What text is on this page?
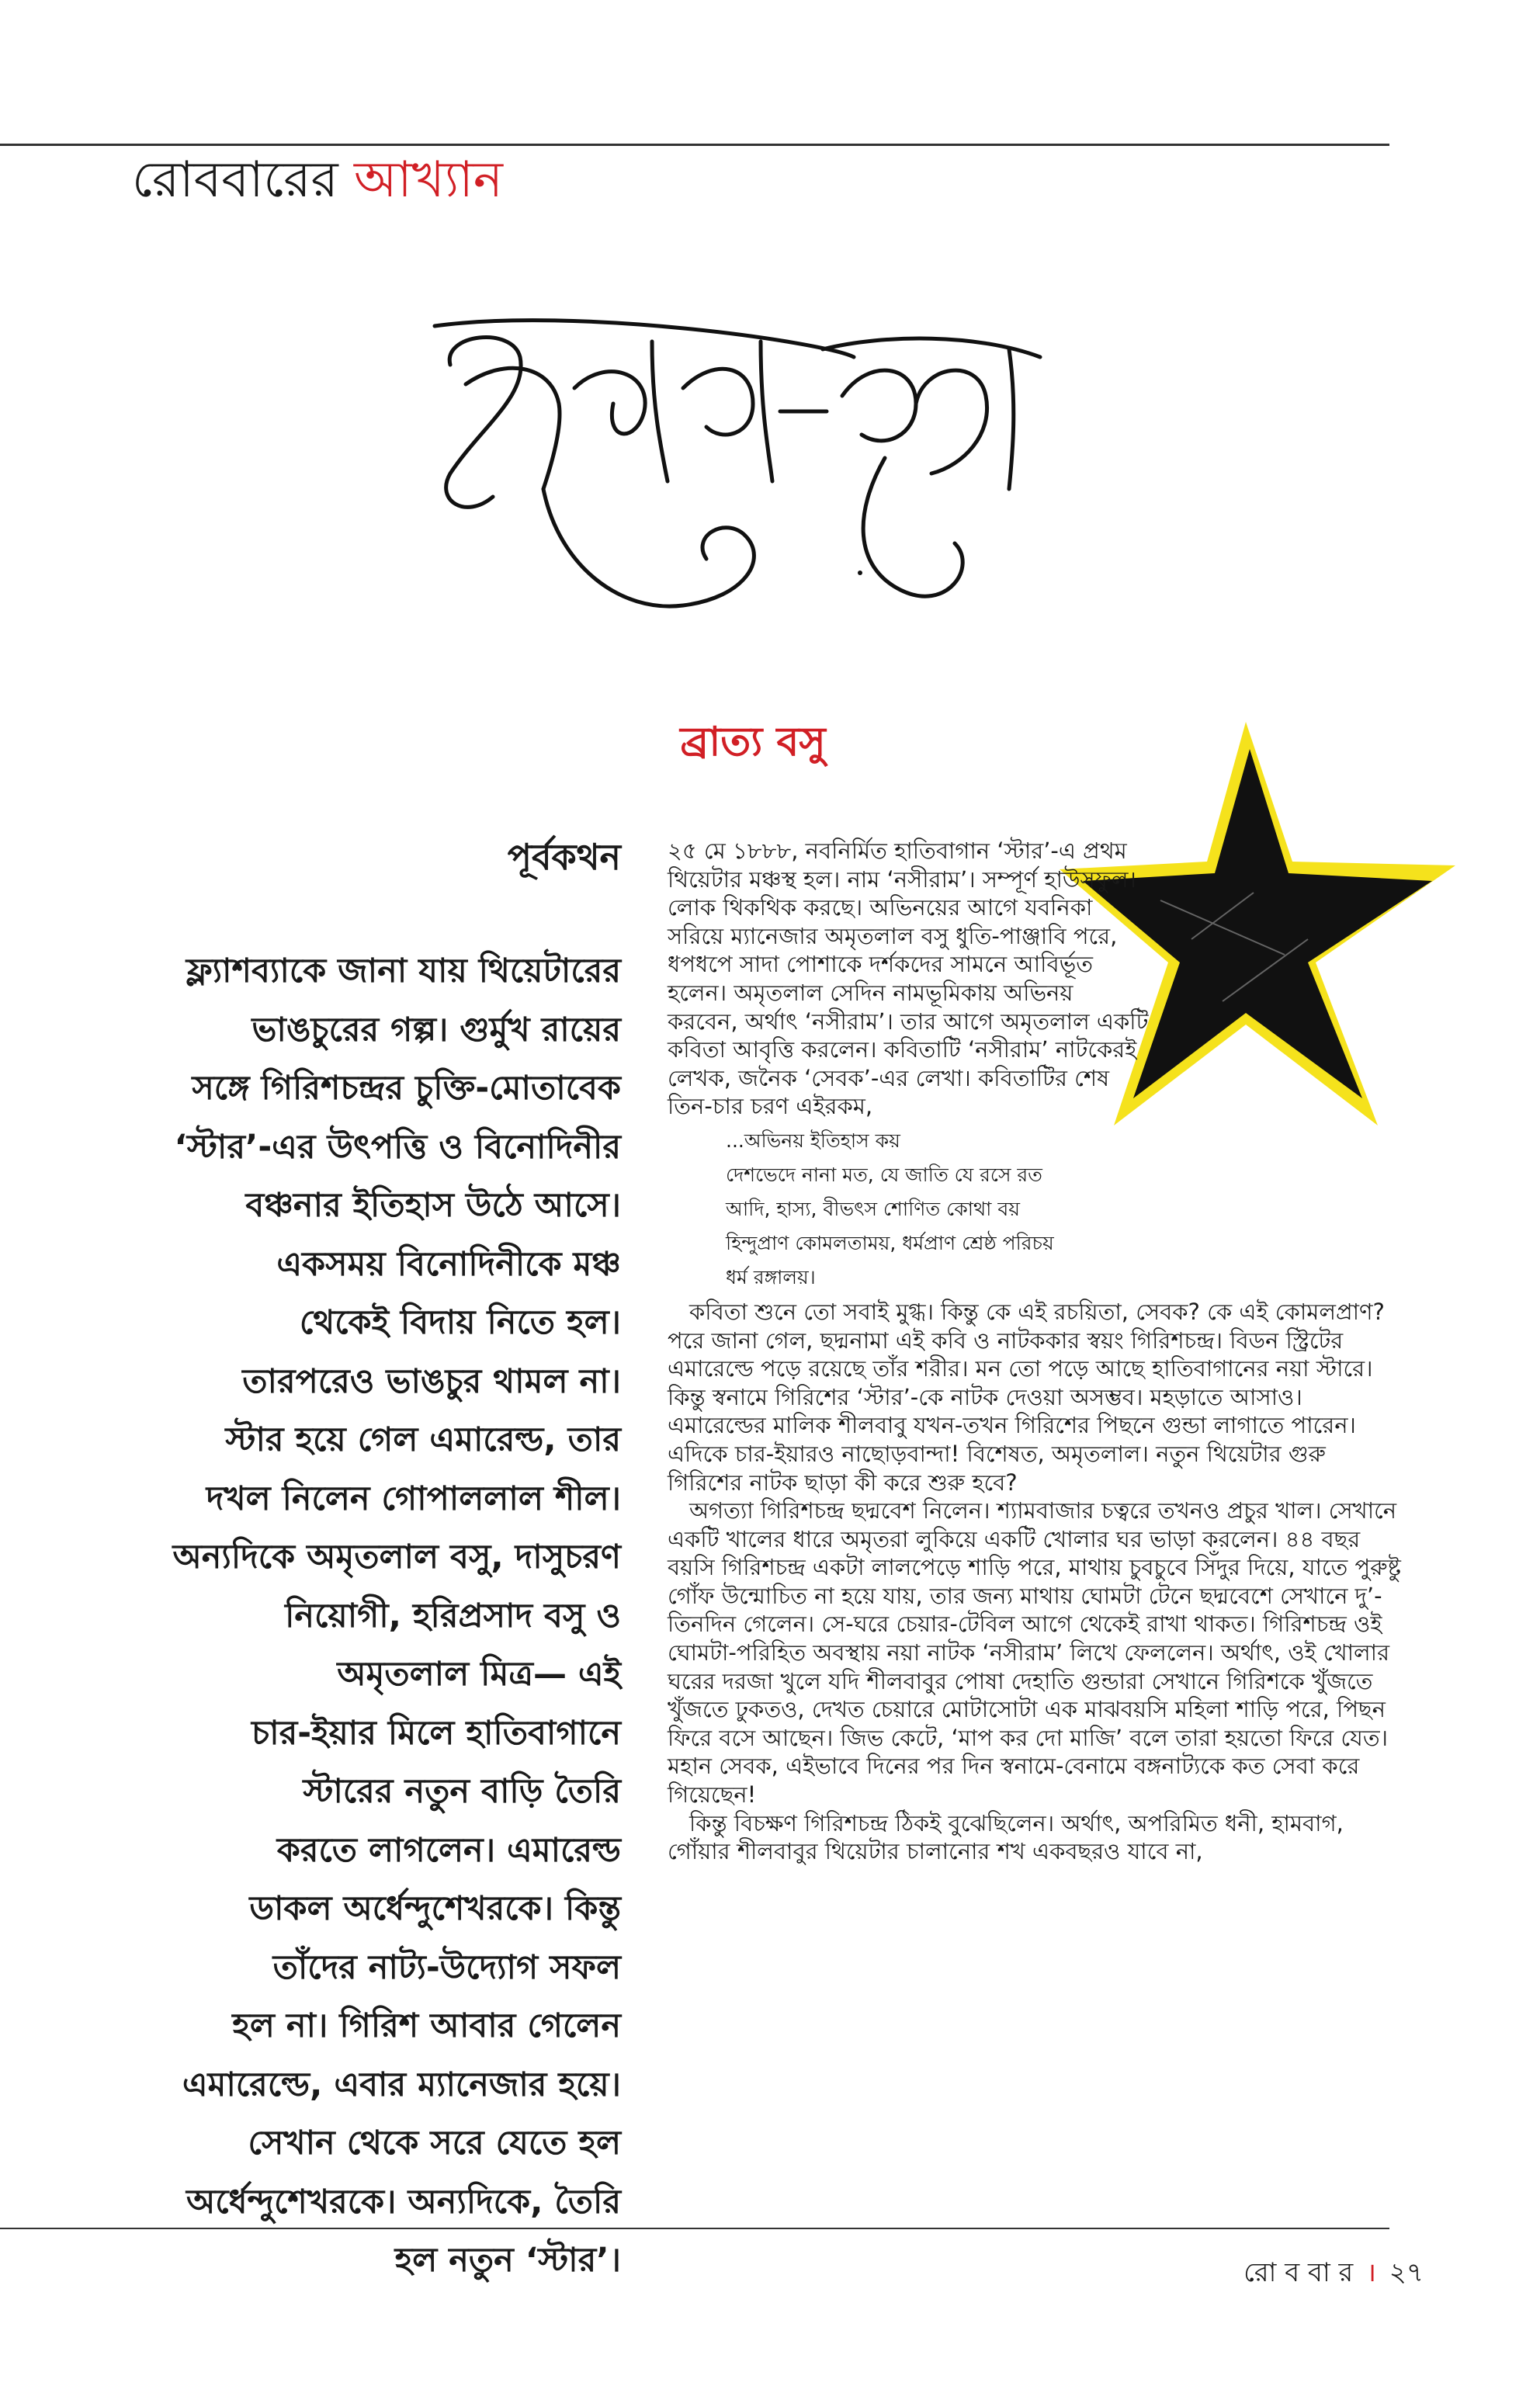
রোববারের আখ্যান
ব্রাত্য বসু
পূর্বকথন
ফ্ল্যাশব্যাকে জানা যায় থিয়েটারের
ভাঙচুরের গল্প। গুর্মুখ রায়ের
সঙ্গে গিরিশচন্দ্রর চুক্তি-মোতাবেক
‘স্টার’-এর উৎপত্তি ও বিনোদিনীর
বঞ্চনার ইতিহাস উঠে আসে।
একসময় বিনোদিনীকে মঞ্চ
থেকেই বিদায় নিতে হল।
তারপরেও ভাঙচুর থামল না।
স্টার হয়ে গেল এমারেল্ড, তার
দখল নিলেন গোপাললাল শীল।
অন্যদিকে অমৃতলাল বসু, দাসুচরণ
নিয়োগী, হরিপ্রসাদ বসু ও
অমৃতলাল মিত্র— এই
চার-ইয়ার মিলে হাতিবাগানে
স্টারের নতুন বাড়ি তৈরি
করতে লাগলেন। এমারেল্ড
ডাকল অর্ধেন্দুশেখরকে। কিন্তু
তাঁদের নাট্য-উদ্যোগ সফল
হল না। গিরিশ আবার গেলেন
এমারেল্ডে, এবার ম্যানেজার হয়ে।
সেখান থেকে সরে যেতে হল
অর্ধেন্দুশেখরকে। অন্যদিকে, তৈরি
হল নতুন ‘স্টার’।

২৫ মে ১৮৮৮, নবনির্মিত হাতিবাগান ‘স্টার’-এ প্রথম থিয়েটার মঞ্চস্থ হল। নাম ‘নসীরাম’। সম্পূর্ণ হাউসফুল। লোক থিকথিক করছে। অভিনয়ের আগে যবনিকা সরিয়ে ম্যানেজার অমৃতলাল বসু ধুতি-পাঞ্জাবি পরে, ধপধপে সাদা পোশাকে দর্শকদের সামনে আবির্ভূত হলেন। অমৃতলাল সেদিন নামভূমিকায় অভিনয় করবেন, অর্থাৎ ‘নসীরাম’। তার আগে অমৃতলাল একটি কবিতা আবৃত্তি করলেন। কবিতাটি ‘নসীরাম’ নাটকেরই লেখক, জনৈক ‘সেবক’-এর লেখা। কবিতাটির শেষ তিন-চার চরণ এইরকম,

...অভিনয় ইতিহাস কয়
দেশভেদে নানা মত, যে জাতি যে রসে রত
আদি, হাস্য, বীভৎস শোণিত কোথা বয়
হিন্দুপ্রাণ কোমলতাময়, ধর্মপ্রাণ শ্রেষ্ঠ পরিচয়
ধর্ম রঙ্গালয়।

কবিতা শুনে তো সবাই মুগ্ধ। কিন্তু কে এই রচয়িতা, সেবক? কে এই কোমলপ্রাণ? পরে জানা গেল, ছদ্মনামা এই কবি ও নাটককার স্বয়ং গিরিশচন্দ্র। বিডন স্ট্রিটের এমারেল্ডে পড়ে রয়েছে তাঁর শরীর। মন তো পড়ে আছে হাতিবাগানের নয়া স্টারে। কিন্তু স্বনামে গিরিশের ‘স্টার’-কে নাটক দেওয়া অসম্ভব। মহড়াতে আসাও। এমারেল্ডের মালিক শীলবাবু যখন-তখন গিরিশের পিছনে গুন্ডা লাগাতে পারেন। এদিকে চার-ইয়ারও নাছোড়বান্দা! বিশেষত, অমৃতলাল। নতুন থিয়েটার গুরু গিরিশের নাটক ছাড়া কী করে শুরু হবে?

অগত্যা গিরিশচন্দ্র ছদ্মবেশ নিলেন। শ্যামবাজার চত্বরে তখনও প্রচুর খাল। সেখানে একটি খালের ধারে অমৃতরা লুকিয়ে একটি খোলার ঘর ভাড়া করলেন। ৪৪ বছর বয়সি গিরিশচন্দ্র একটা লালপেড়ে শাড়ি পরে, মাথায় চুবচুবে সিঁদুর দিয়ে, যাতে পুরুষ্টু গোঁফ উন্মোচিত না হয়ে যায়, তার জন্য মাথায় ঘোমটা টেনে ছদ্মবেশে সেখানে দু’-তিনদিন গেলেন। সে-ঘরে চেয়ার-টেবিল আগে থেকেই রাখা থাকত। গিরিশচন্দ্র ওই ঘোমটা-পরিহিত অবস্থায় নয়া নাটক ‘নসীরাম’ লিখে ফেললেন। অর্থাৎ, ওই খোলার ঘরের দরজা খুলে যদি শীলবাবুর পোষা দেহাতি গুন্ডারা সেখানে গিরিশকে খুঁজতে খুঁজতে ঢুকতও, দেখত চেয়ারে মোটাসোটা এক মাঝবয়সি মহিলা শাড়ি পরে, পিছন ফিরে বসে আছেন। জিভ কেটে, ‘মাপ কর দো মাজি’ বলে তারা হয়তো ফিরে যেত। মহান সেবক, এইভাবে দিনের পর দিন স্বনামে-বেনামে বঙ্গনাট্যকে কত সেবা করে গিয়েছেন!

কিন্তু বিচক্ষণ গিরিশচন্দ্র ঠিকই বুঝেছিলেন। অর্থাৎ, অপরিমিত ধনী, হামবাগ, গোঁয়ার শীলবাবুর থিয়েটার চালানোর শখ একবছরও যাবে না,

রো ব বা র । ২৭
